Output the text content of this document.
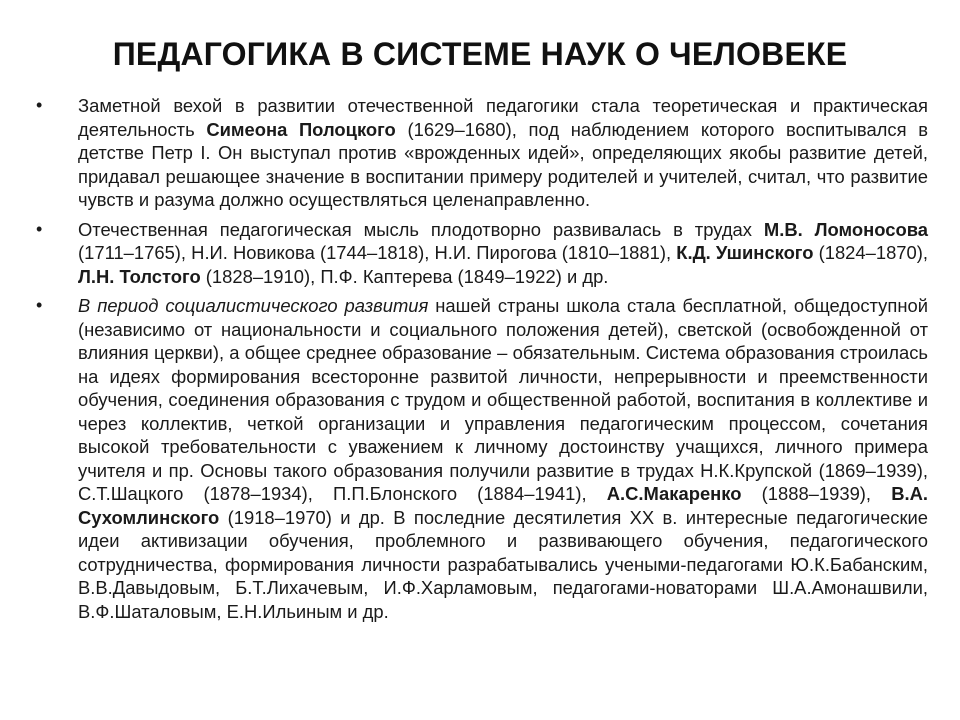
ПЕДАГОГИКА В СИСТЕМЕ НАУК О ЧЕЛОВЕКЕ
• Заметной вехой в развитии отечественной педагогики стала теоретическая и практическая деятельность Симеона Полоцкого (1629–1680), под наблюдением которого воспитывался в детстве Петр I. Он выступал против «врожденных идей», определяющих якобы развитие детей, придавал решающее значение в воспитании примеру родителей и учителей, считал, что развитие чувств и разума должно осуществляться целенаправленно.
• Отечественная педагогическая мысль плодотворно развивалась в трудах М.В. Ломоносова (1711–1765), Н.И. Новикова (1744–1818), Н.И. Пирогова (1810–1881), К.Д. Ушинского (1824–1870), Л.Н. Толстого (1828–1910), П.Ф. Каптерева (1849–1922) и др.
• В период социалистического развития нашей страны школа стала бесплатной, общедоступной (независимо от национальности и социального положения детей), светской (освобожденной от влияния церкви), а общее среднее образование – обязательным. Система образования строилась на идеях формирования всесторонне развитой личности, непрерывности и преемственности обучения, соединения образования с трудом и общественной работой, воспитания в коллективе и через коллектив, четкой организации и управления педагогическим процессом, сочетания высокой требовательности с уважением к личному достоинству учащихся, личного примера учителя и пр. Основы такого образования получили развитие в трудах Н.К.Крупской (1869–1939), С.Т.Шацкого (1878–1934), П.П.Блонского (1884–1941), А.С.Макаренко (1888–1939), В.А. Сухомлинского (1918–1970) и др. В последние десятилетия ХХ в. интересные педагогические идеи активизации обучения, проблемного и развивающего обучения, педагогического сотрудничества, формирования личности разрабатывались учеными-педагогами Ю.К.Бабанским, В.В.Давыдовым, Б.Т.Лихачевым, И.Ф.Харламовым, педагогами-новаторами Ш.А.Амонашвили, В.Ф.Шаталовым, Е.Н.Ильиным и др.
